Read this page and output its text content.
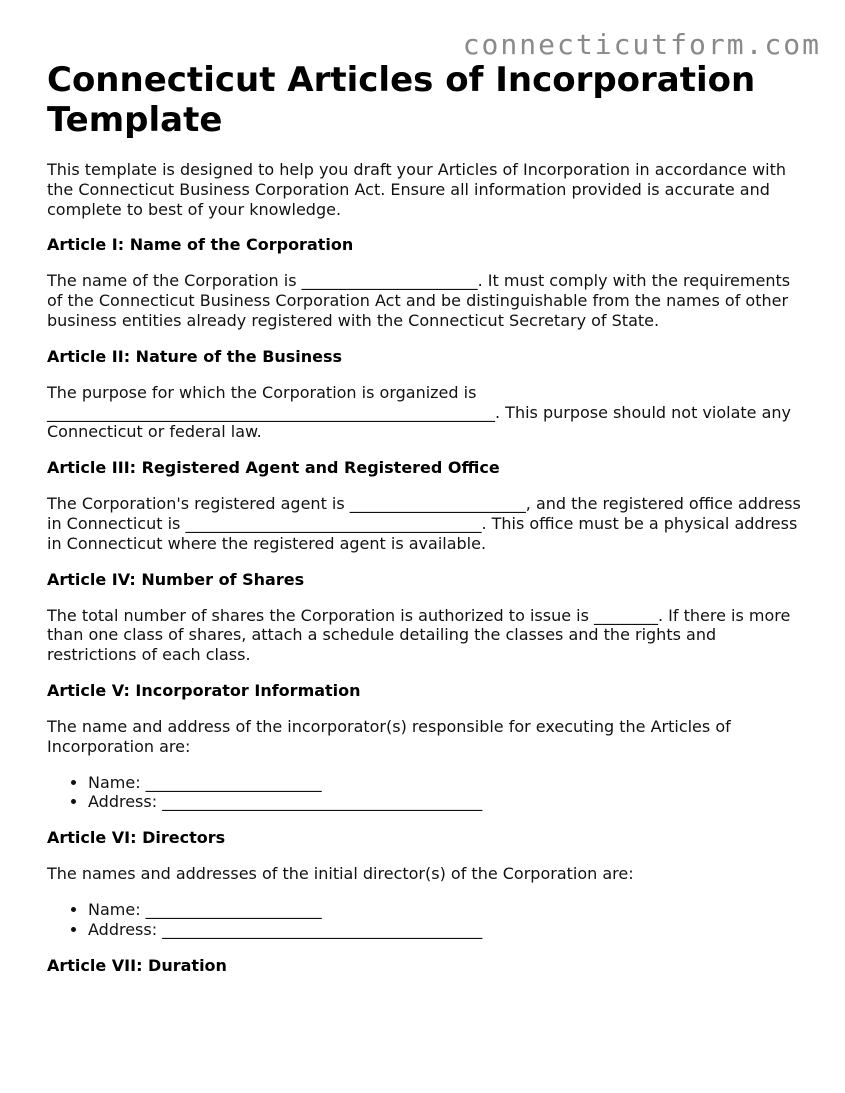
connecticutform.com
Connecticut Articles of Incorporation Template

This template is designed to help you draft your Articles of Incorporation in accordance with the Connecticut Business Corporation Act. Ensure all information provided is accurate and complete to best of your knowledge.

Article I: Name of the Corporation

The name of the Corporation is ______________________. It must comply with the requirements of the Connecticut Business Corporation Act and be distinguishable from the names of other business entities already registered with the Connecticut Secretary of State.

Article II: Nature of the Business

The purpose for which the Corporation is organized is ________________________________________________________. This purpose should not violate any Connecticut or federal law.

Article III: Registered Agent and Registered Office

The Corporation's registered agent is ______________________, and the registered office address in Connecticut is _____________________________________. This office must be a physical address in Connecticut where the registered agent is available.

Article IV: Number of Shares

The total number of shares the Corporation is authorized to issue is ________. If there is more than one class of shares, attach a schedule detailing the classes and the rights and restrictions of each class.

Article V: Incorporator Information

The name and address of the incorporator(s) responsible for executing the Articles of Incorporation are:

• Name: ______________________
• Address: ________________________________________
Article VI: Directors

The names and addresses of the initial director(s) of the Corporation are:

• Name: ______________________
• Address: ________________________________________
Article VII: Duration
